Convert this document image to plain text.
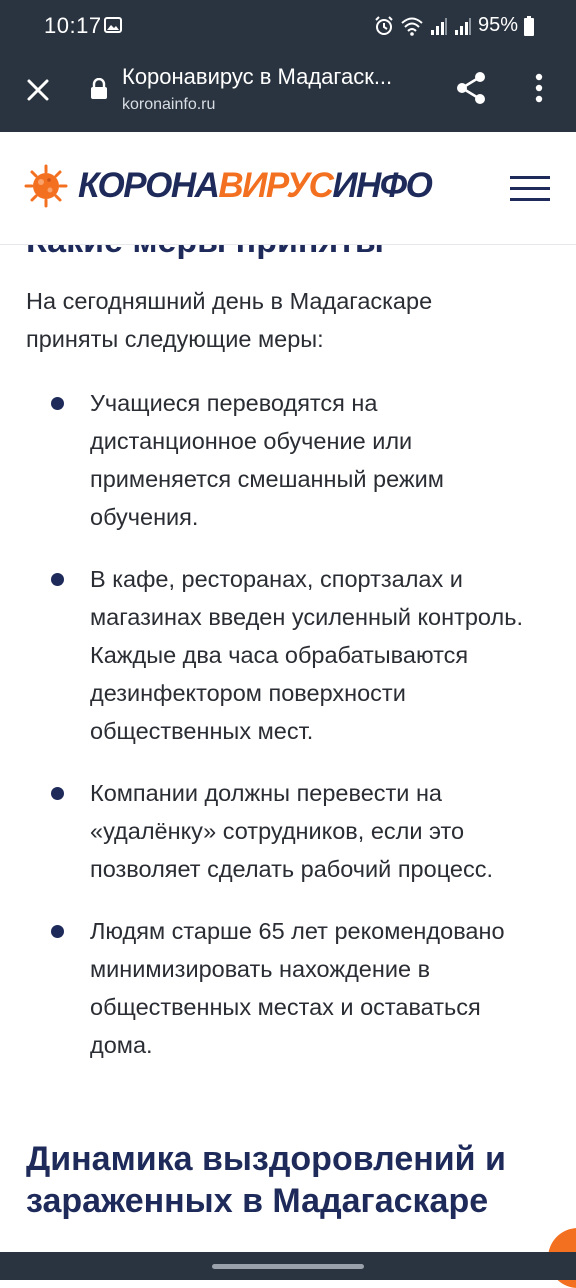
10:17	95%
Коронавирус в Мадагаск...
koronainfo.ru
КОРОНАВИРУСИНФО

На сегодняшний день в Мадагаскаре приняты следующие меры:

Учащиеся переводятся на дистанционное обучение или применяется смешанный режим обучения.
В кафе, ресторанах, спортзалах и магазинах введен усиленный контроль. Каждые два часа обрабатываются дезинфектором поверхности общественных мест.
Компании должны перевести на «удалёнку» сотрудников, если это позволяет сделать рабочий процесс.
Людям старше 65 лет рекомендовано минимизировать нахождение в общественных местах и оставаться дома.
Динамика выздоровлений и зараженных в Мадагаскаре
